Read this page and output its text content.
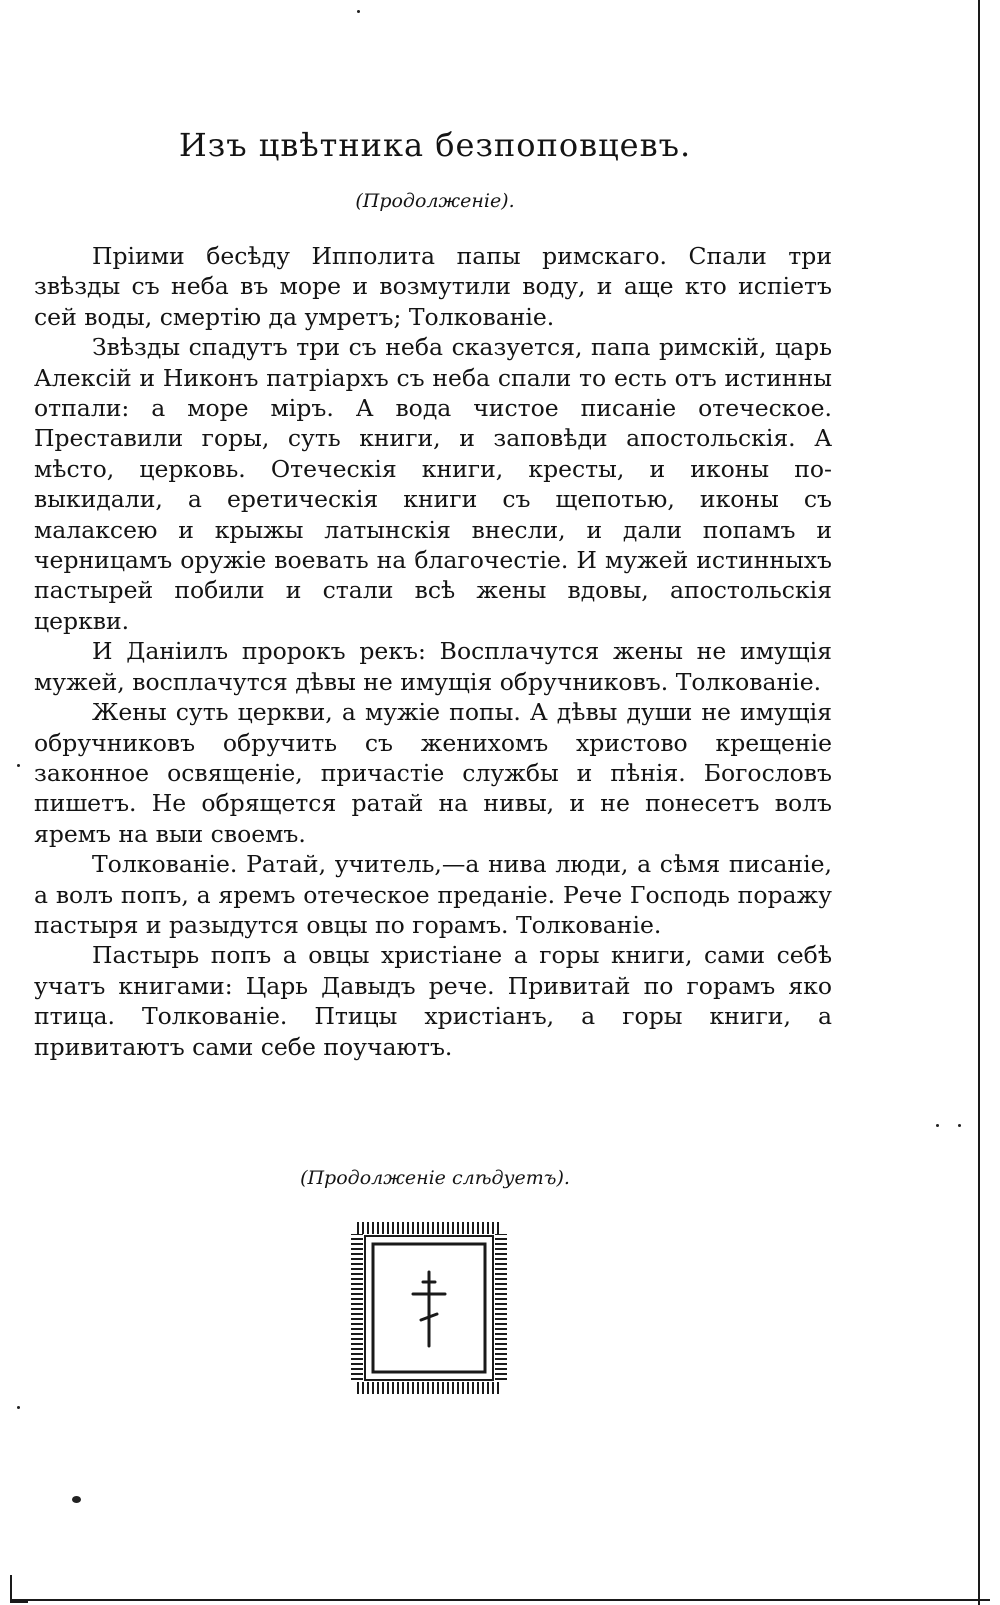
Изъ цвѣтника безпоповцевъ.
(Продолженіе).

Пріими бесѣду Ипполита папы римскаго. Спали три звѣзды съ неба въ море и возмутили воду, и аще кто испіетъ сей воды, смертію да умретъ; Толкованіе.

Звѣзды спадутъ три съ неба сказуется, папа римскій, царь Алексій и Никонъ патріархъ съ неба спали то есть отъ истинны отпали: а море міръ. А вода чистое писаніе отеческое. Преставили горы, суть книги, и заповѣди апостольскія. А мѣсто, церковь. Отеческія книги, кресты, и иконы по-выкидали, а еретическія книги съ щепотью, иконы съ малаксею и крыжы латынскія внесли, и дали попамъ и черницамъ оружіе воевать на благочестіе. И мужей истинныхъ пастырей побили и стали всѣ жены вдовы, апостольскія церкви.

И Даніилъ пророкъ рекъ: Восплачутся жены не имущія мужей, восплачутся дѣвы не имущія обручниковъ. Толкованіе.

Жены суть церкви, а мужіе попы. А дѣвы души не имущія обручниковъ обручить съ женихомъ христово крещеніе законное освященіе, причастіе службы и пѣнія. Богословъ пишетъ. Не обрящется ратай на нивы, и не понесетъ волъ яремъ на выи своемъ.

Толкованіе. Ратай, учитель,—а нива люди, а сѣмя писаніе, а волъ попъ, а яремъ отеческое преданіе. Рече Господь поражу пастыря и разыдутся овцы по горамъ. Толкованіе.

Пастырь попъ а овцы христіане а горы книги, сами себѣ учатъ книгами: Царь Давыдъ рече. Привитай по горамъ яко птица. Толкованіе. Птицы христіанъ, а горы книги, а привитаютъ сами себе поучаютъ.

(Продолженіе слѣдуетъ).
